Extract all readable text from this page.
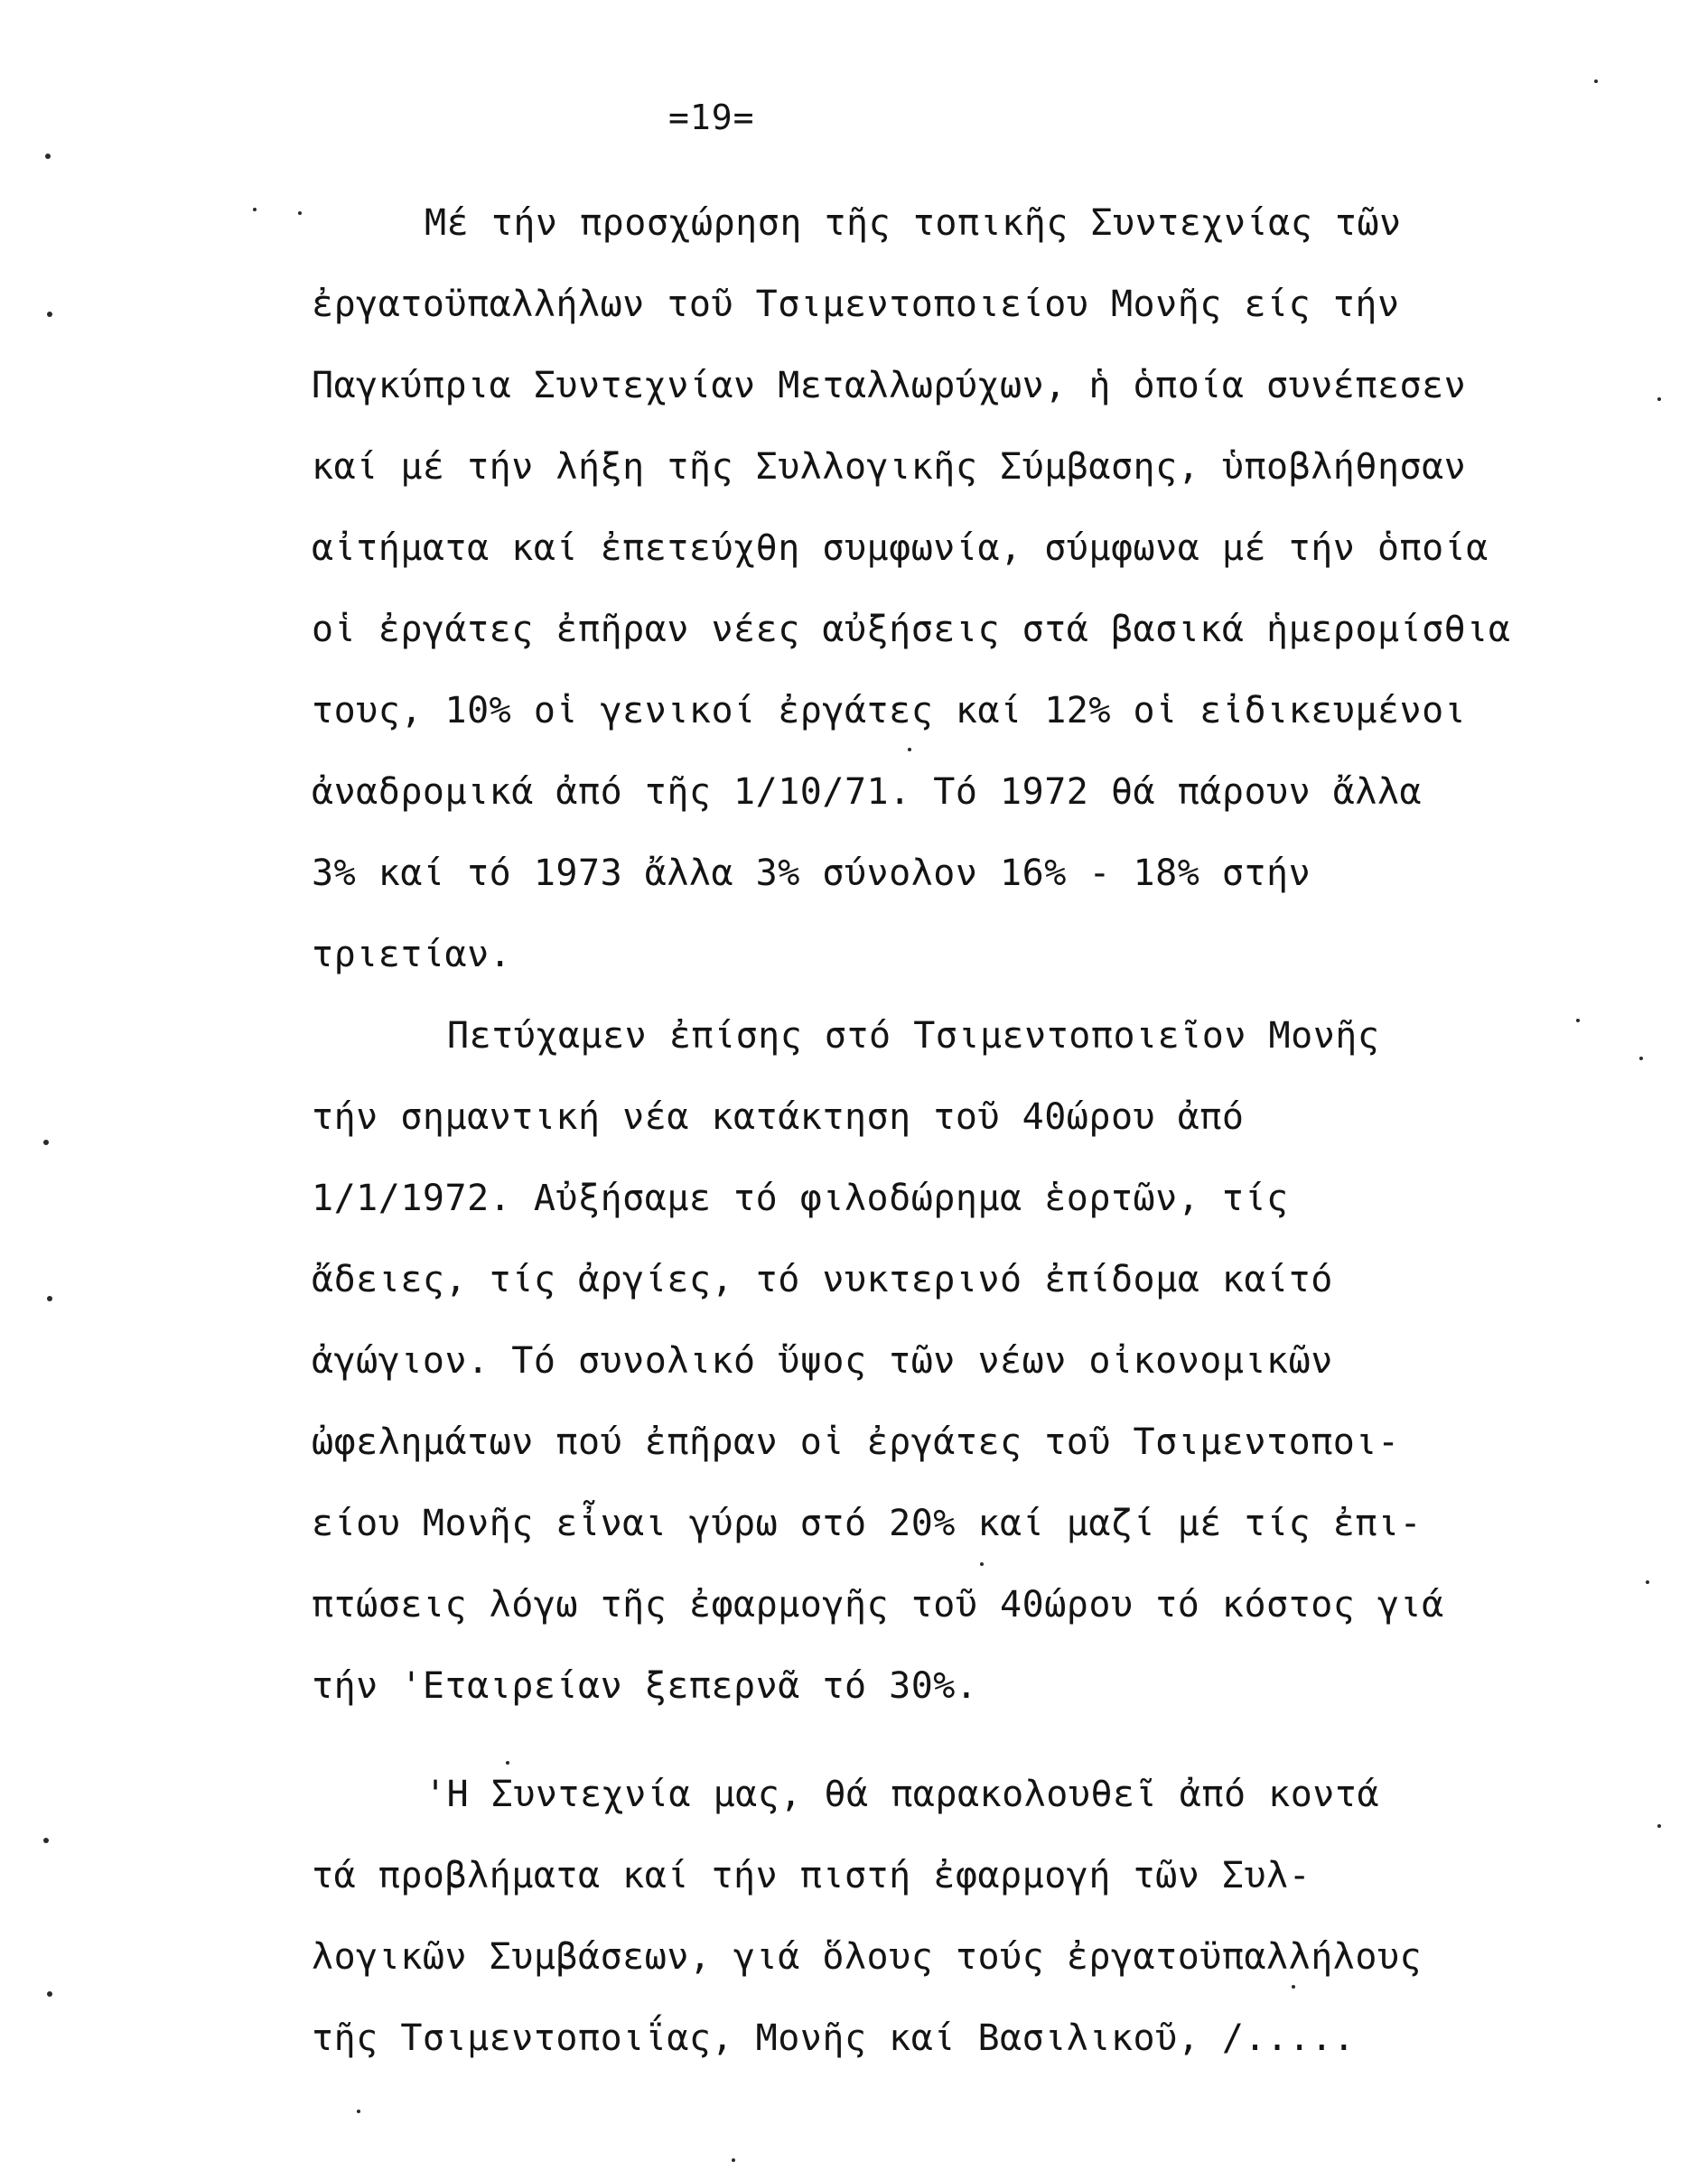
=19=
Μέ τήν προσχώρηση τῆς τοπικῆς Συντεχνίας τῶν
ἐργατοϋπαλλήλων τοῦ Τσιμεντοποιείου Μονῆς είς τήν
Παγκύπρια Συντεχνίαν Μεταλλωρύχων, ἡ ὁποία συνέπεσεν
καί μέ τήν λήξη τῆς Συλλογικῆς Σύμβασης, ὑποβλήθησαν
αἰτήματα καί ἐπετεύχθη συμφωνία, σύμφωνα μέ τήν ὁποία
οἱ ἐργάτες ἐπῆραν νέες αὐξήσεις στά βασικά ἡμερομίσθια
τους, 10% οἱ γενικοί ἐργάτες καί 12% οἱ εἰδικευμένοι
ἀναδρομικά ἀπό τῆς 1/10/71. Τό 1972 θά πάρουν ἄλλα
3% καί τό 1973 ἄλλα 3% σύνολον 16% - 18% στήν
τριετίαν.
Πετύχαμεν ἐπίσης στό Τσιμεντοποιεῖον Μονῆς
τήν σημαντική νέα κατάκτηση τοῦ 40ώρου ἀπό
1/1/1972. Αὐξήσαμε τό φιλοδώρημα ἑορτῶν, τίς
ἄδειες, τίς ἀργίες, τό νυκτερινό ἐπίδομα καίτό
ἀγώγιον. Τό συνολικό ὕψος τῶν νέων οἰκονομικῶν
ὠφελημάτων πού ἐπῆραν οἱ ἐργάτες τοῦ Τσιμεντοποι-
είου Μονῆς εἶναι γύρω στό 20% καί μαζί μέ τίς ἐπι-
πτώσεις λόγω τῆς ἐφαρμογῆς τοῦ 40ώρου τό κόστος γιά
τήν 'Εταιρείαν ξεπερνᾶ τό 30%.
'Η Συντεχνία μας, θά παρακολουθεῖ ἀπό κοντά
τά προβλήματα καί τήν πιστή ἐφαρμογή τῶν Συλ-
λογικῶν Συμβάσεων, γιά ὅλους τούς ἐργατοϋπαλλήλους
τῆς Τσιμεντοποιΐας, Μονῆς καί Βασιλικοῦ, /.....
